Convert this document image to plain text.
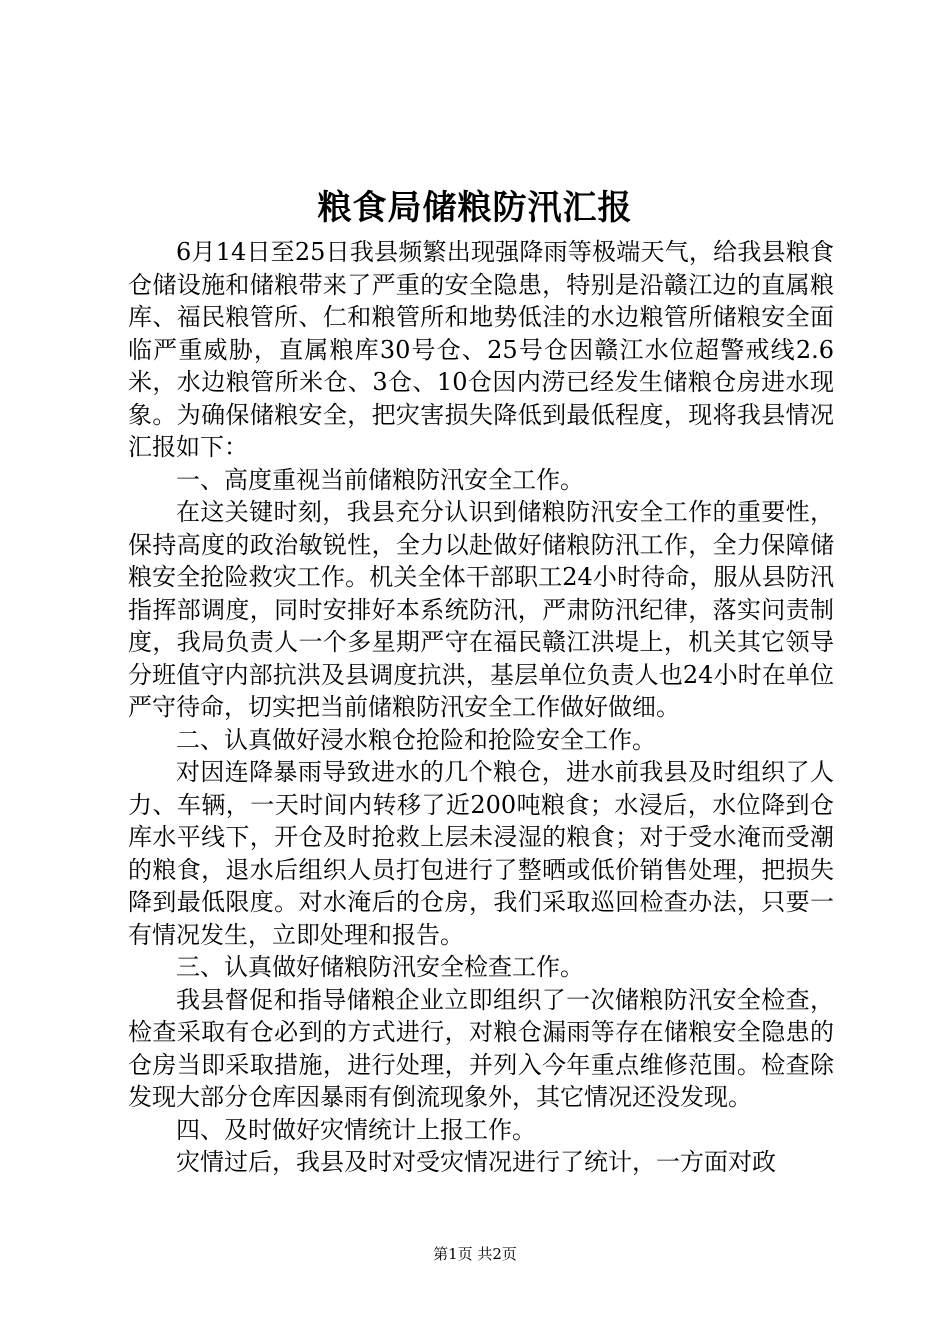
粮食局储粮防汛汇报

6月14日至25日我县频繁出现强降雨等极端天气，给我县粮食仓储设施和储粮带来了严重的安全隐患，特别是沿赣江边的直属粮库、福民粮管所、仁和粮管所和地势低洼的水边粮管所储粮安全面临严重威胁，直属粮库30号仓、25号仓因赣江水位超警戒线2.6米，水边粮管所米仓、3仓、10仓因内涝已经发生储粮仓房进水现象。为确保储粮安全，把灾害损失降低到最低程度，现将我县情况汇报如下：

一、高度重视当前储粮防汛安全工作。

在这关键时刻，我县充分认识到储粮防汛安全工作的重要性，保持高度的政治敏锐性，全力以赴做好储粮防汛工作，全力保障储粮安全抢险救灾工作。机关全体干部职工24小时待命，服从县防汛指挥部调度，同时安排好本系统防汛，严肃防汛纪律，落实问责制度，我局负责人一个多星期严守在福民赣江洪堤上，机关其它领导分班值守内部抗洪及县调度抗洪，基层单位负责人也24小时在单位严守待命，切实把当前储粮防汛安全工作做好做细。

二、认真做好浸水粮仓抢险和抢险安全工作。

对因连降暴雨导致进水的几个粮仓，进水前我县及时组织了人力、车辆，一天时间内转移了近200吨粮食；水浸后，水位降到仓库水平线下，开仓及时抢救上层未浸湿的粮食；对于受水淹而受潮的粮食，退水后组织人员打包进行了整晒或低价销售处理，把损失降到最低限度。对水淹后的仓房，我们采取巡回检查办法，只要一有情况发生，立即处理和报告。

三、认真做好储粮防汛安全检查工作。

我县督促和指导储粮企业立即组织了一次储粮防汛安全检查，检查采取有仓必到的方式进行，对粮仓漏雨等存在储粮安全隐患的仓房当即采取措施，进行处理，并列入今年重点维修范围。检查除发现大部分仓库因暴雨有倒流现象外，其它情况还没发现。

四、及时做好灾情统计上报工作。

灾情过后，我县及时对受灾情况进行了统计，一方面对政

第1页 共2页
